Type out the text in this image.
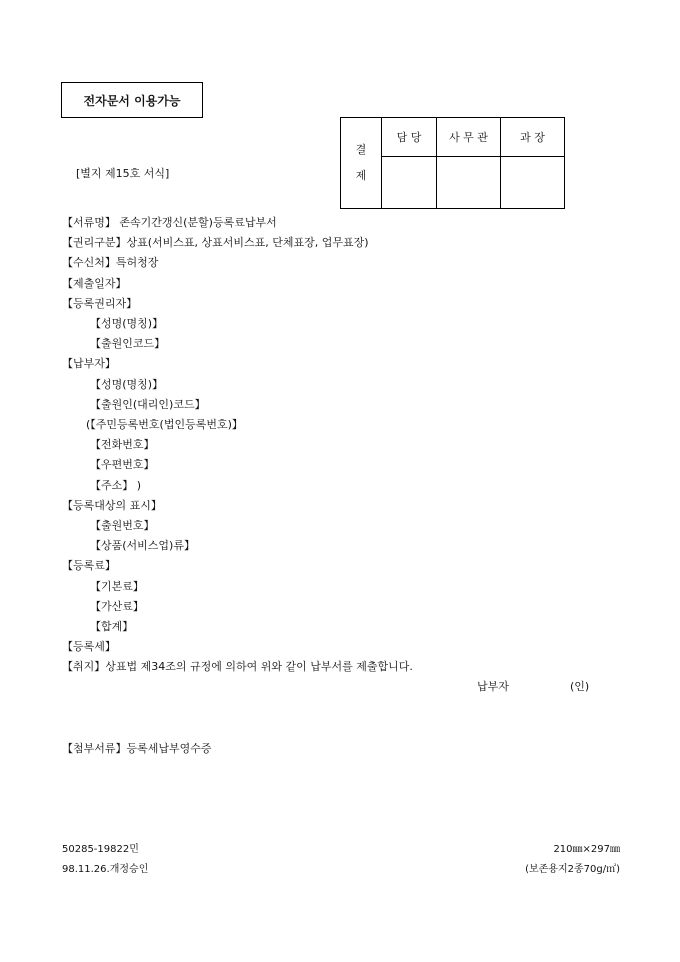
전자문서 이용가능
[별지 제15호 서식]
결
제	담 당	사 무 관	과 장

【서류명】 존속기간갱신(분할)등록료납부서
【권리구분】상표(서비스표, 상표서비스표, 단체표장, 업무표장)
【수신처】특허청장
【제출일자】
【등록권리자】
【성명(명칭)】
【출원인코드】
【납부자】
【성명(명칭)】
【출원인(대리인)코드】
(【주민등록번호(법인등록번호)】
【전화번호】
【우편번호】
【주소】 )
【등록대상의 표시】
【출원번호】
【상품(서비스업)류】
【등록료】
【기본료】
【가산료】
【합계】
【등록세】
【취지】상표법 제34조의 규정에 의하여 위와 같이 납부서를 제출합니다.
납부자	(인)
【첨부서류】등록세납부영수증
50285-19822민
98.11.26.개정승인
210㎜×297㎜
(보존용지2종70g/㎡)
